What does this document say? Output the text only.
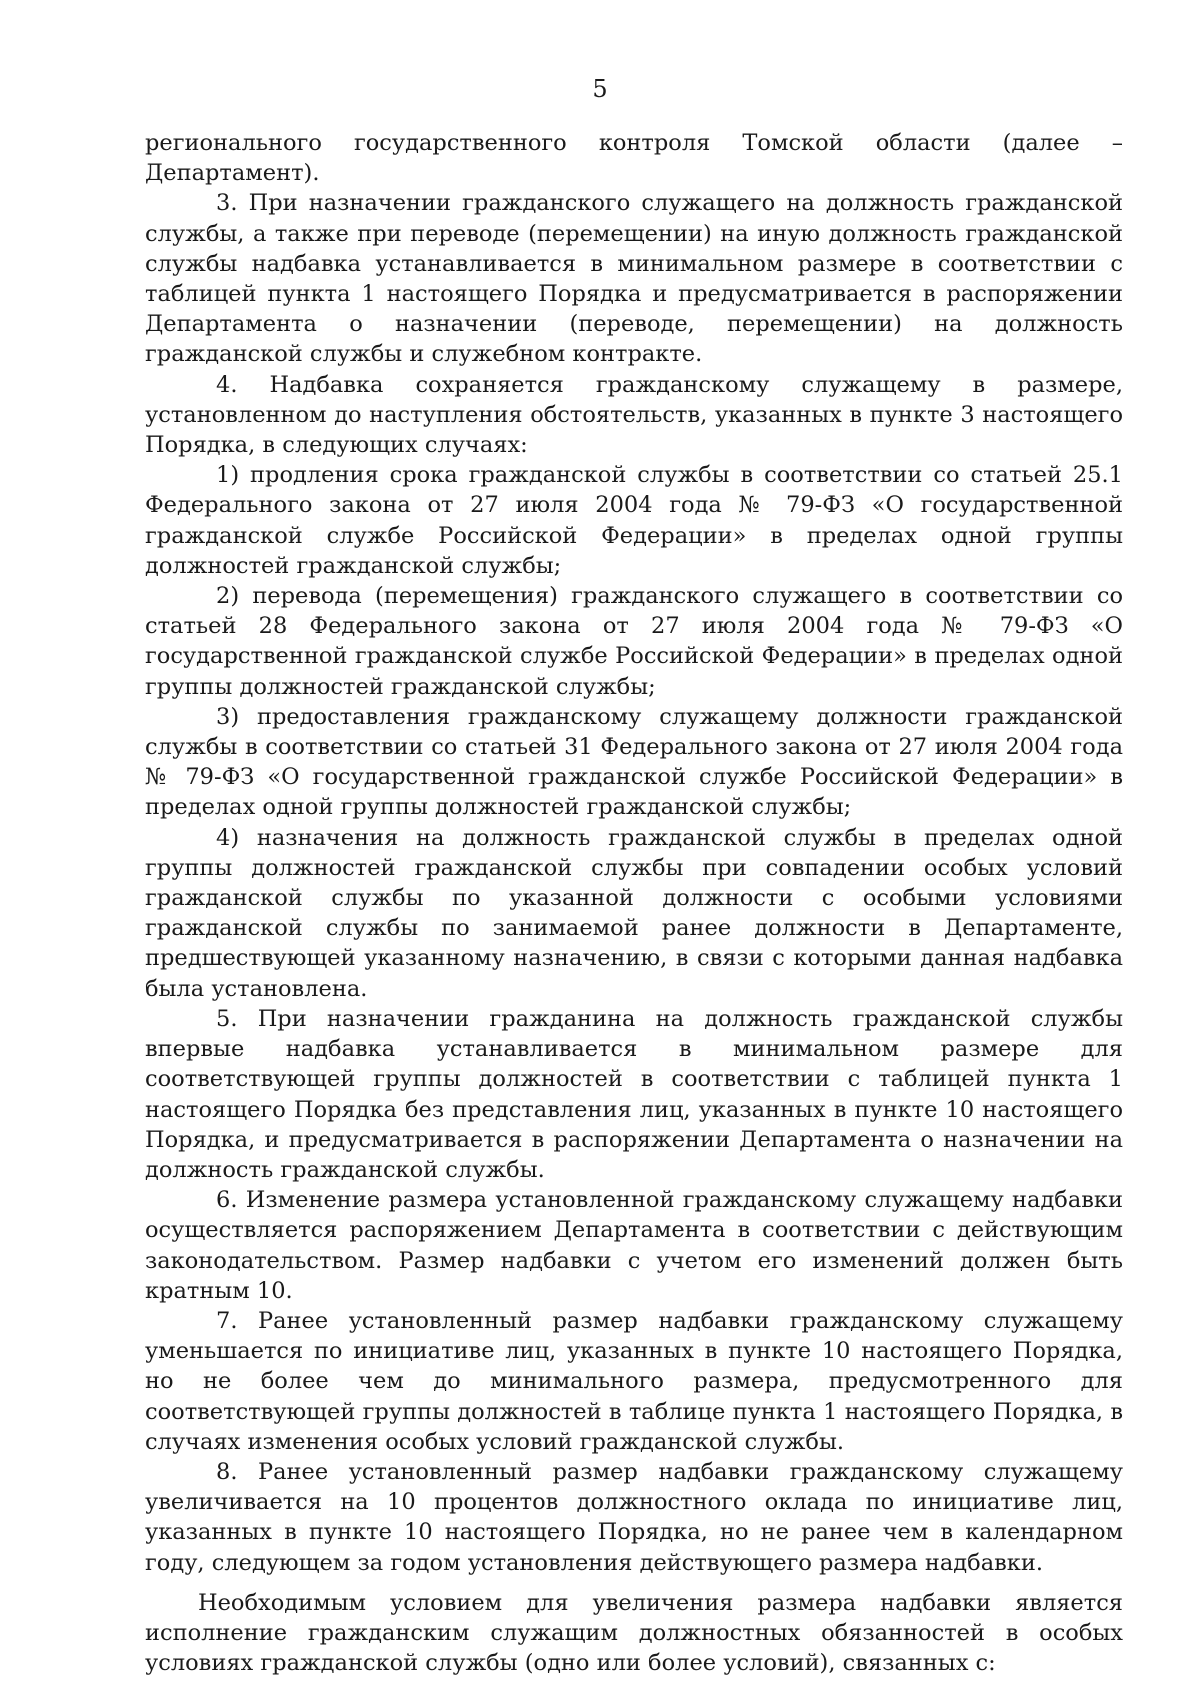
5

регионального государственного контроля Томской области (далее – Департамент).

3. При назначении гражданского служащего на должность гражданской службы, а также при переводе (перемещении) на иную должность гражданской службы надбавка устанавливается в минимальном размере в соответствии с таблицей пункта 1 настоящего Порядка и предусматривается в распоряжении Департамента о назначении (переводе, перемещении) на должность гражданской службы и служебном контракте.

4. Надбавка сохраняется гражданскому служащему в размере, установленном до наступления обстоятельств, указанных в пункте 3 настоящего Порядка, в следующих случаях:

1) продления срока гражданской службы в соответствии со статьей 25.1 Федерального закона от 27 июля 2004 года № 79-ФЗ «О государственной гражданской службе Российской Федерации» в пределах одной группы должностей гражданской службы;

2) перевода (перемещения) гражданского служащего в соответствии со статьей 28 Федерального закона от 27 июля 2004 года № 79-ФЗ «О государственной гражданской службе Российской Федерации» в пределах одной группы должностей гражданской службы;

3) предоставления гражданскому служащему должности гражданской службы в соответствии со статьей 31 Федерального закона от 27 июля 2004 года № 79-ФЗ «О государственной гражданской службе Российской Федерации» в пределах одной группы должностей гражданской службы;

4) назначения на должность гражданской службы в пределах одной группы должностей гражданской службы при совпадении особых условий гражданской службы по указанной должности с особыми условиями гражданской службы по занимаемой ранее должности в Департаменте, предшествующей указанному назначению, в связи с которыми данная надбавка была установлена.

5. При назначении гражданина на должность гражданской службы впервые надбавка устанавливается в минимальном размере для соответствующей группы должностей в соответствии с таблицей пункта 1 настоящего Порядка без представления лиц, указанных в пункте 10 настоящего Порядка, и предусматривается в распоряжении Департамента о назначении на должность гражданской службы.

6. Изменение размера установленной гражданскому служащему надбавки осуществляется распоряжением Департамента в соответствии с действующим законодательством. Размер надбавки с учетом его изменений должен быть кратным 10.

7. Ранее установленный размер надбавки гражданскому служащему уменьшается по инициативе лиц, указанных в пункте 10 настоящего Порядка, но не более чем до минимального размера, предусмотренного для соответствующей группы должностей в таблице пункта 1 настоящего Порядка, в случаях изменения особых условий гражданской службы.

8. Ранее установленный размер надбавки гражданскому служащему увеличивается на 10 процентов должностного оклада по инициативе лиц, указанных в пункте 10 настоящего Порядка, но не ранее чем в календарном году, следующем за годом установления действующего размера надбавки.

Необходимым условием для увеличения размера надбавки является исполнение гражданским служащим должностных обязанностей в особых условиях гражданской службы (одно или более условий), связанных с:
